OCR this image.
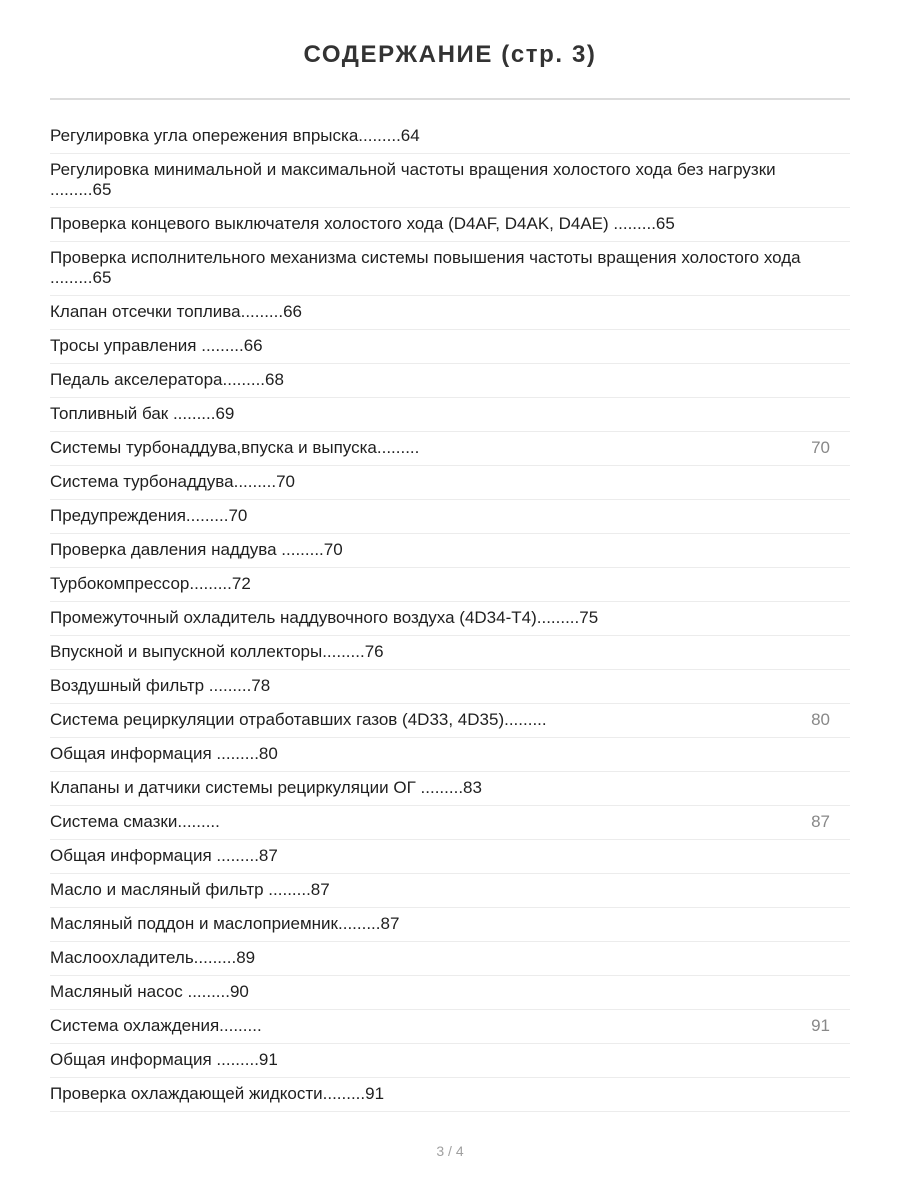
СОДЕРЖАНИЕ (стр. 3)
Регулировка угла опережения впрыска.........64
Регулировка минимальной и максимальной частоты вращения холостого хода без нагрузки .........65
Проверка концевого выключателя холостого хода (D4AF, D4AK, D4AE) .........65
Проверка исполнительного механизма системы повышения частоты вращения холостого хода .........65
Клапан отсечки топлива.........66
Тросы управления .........66
Педаль акселератора.........68
Топливный бак .........69
Системы турбонаддува,впуска и выпуска.........	70
Система турбонаддува.........70
Предупреждения.........70
Проверка давления наддува .........70
Турбокомпрессор.........72
Промежуточный охладитель наддувочного воздуха (4D34-T4).........75
Впускной и выпускной коллекторы.........76
Воздушный фильтр .........78
Система рециркуляции отработавших газов (4D33, 4D35).........	80
Общая информация .........80
Клапаны и датчики системы рециркуляции ОГ .........83
Система смазки.........	87
Общая информация .........87
Масло и масляный фильтр .........87
Масляный поддон и маслоприемник.........87
Маслоохладитель.........89
Масляный насос .........90
Система охлаждения.........	91
Общая информация .........91
Проверка охлаждающей жидкости.........91
3 / 4
